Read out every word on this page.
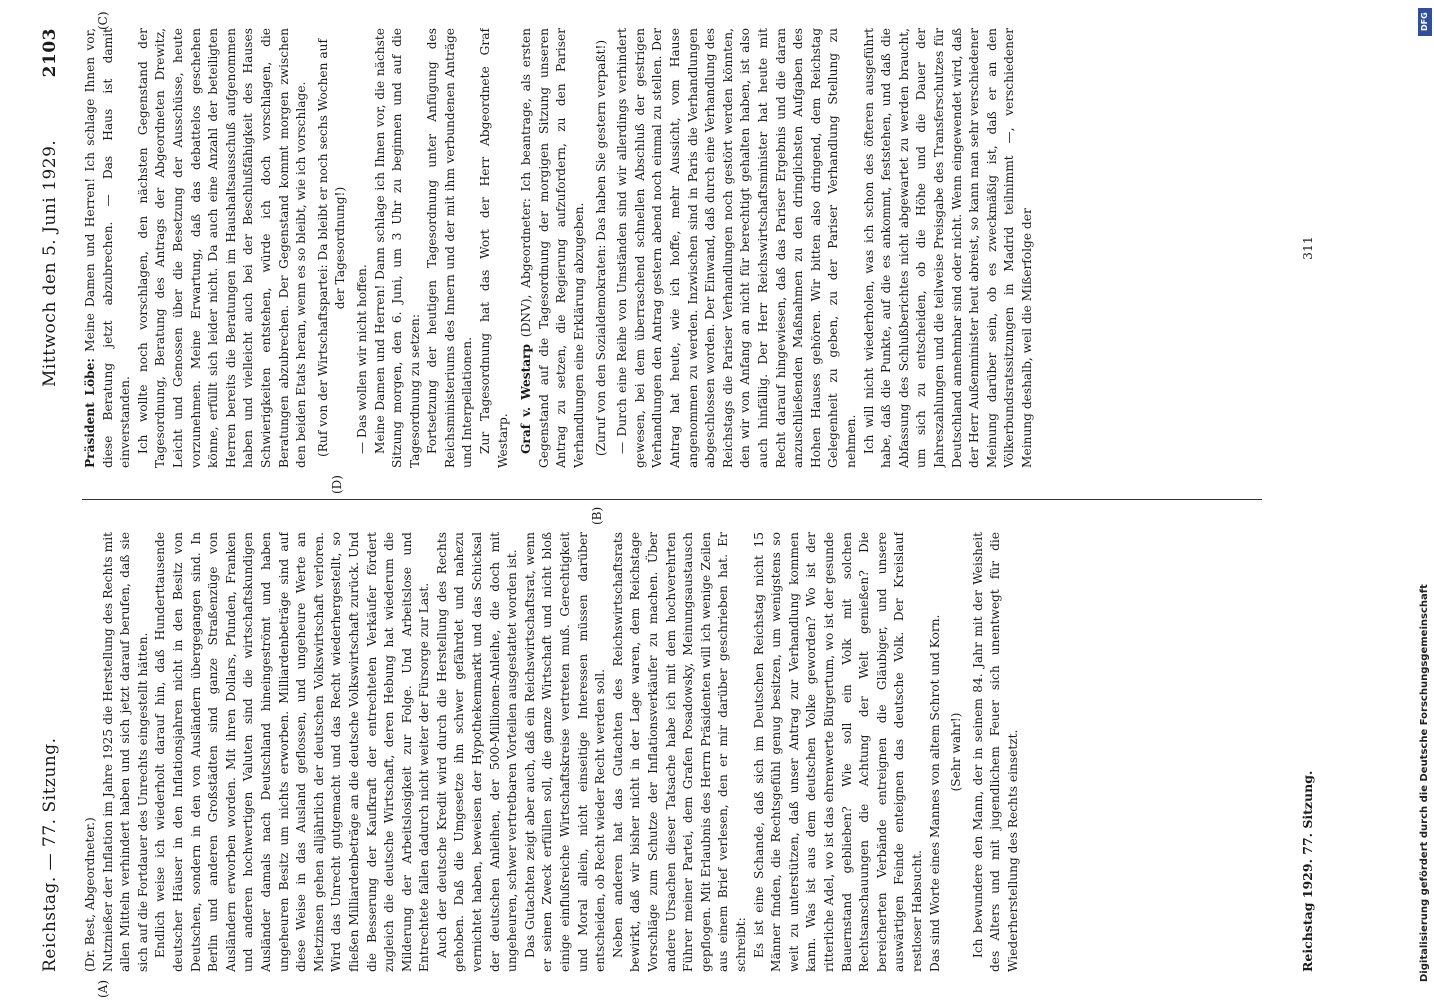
Reichstag. — 77. Sitzung.
Mittwoch den 5. Juni 1929.
2103
(A)
(B)
(C)
(D)

(Dr. Best, Abgeordneter.) Nutznießer der Inflation im Jahre 1925 die Herstellung des Rechts mit allen Mitteln verhindert haben und sich jetzt darauf berufen, daß sie sich auf die Fortdauer des Unrechts eingestellt hätten. Endlich weise ich wiederholt darauf hin, daß Hunderttausende deutscher Häuser in den Inflationsjahren nicht in den Besitz von Deutschen, sondern in den von Ausländern übergegangen sind. In Berlin und anderen Großstädten sind ganze Straßenzüge von Ausländern erworben worden. Mit ihren Dollars, Pfunden, Franken und anderen hochwertigen Valuten sind die wirtschaftskundigen Ausländer damals nach Deutschland hineingeströmt und haben ungeheuren Besitz um nichts erworben. Milliardenbeträge sind auf diese Weise in das Ausland geflossen, und ungeheure Werte an Mietzinsen gehen alljährlich der deutschen Volkswirtschaft verloren. Wird das Unrecht gutgemacht und das Recht wiederhergestellt, so fließen Milliardenbeträge an die deutsche Volkswirtschaft zurück. Und die Besserung der Kaufkraft der entrechteten Verkäufer fördert zugleich die deutsche Wirtschaft, deren Hebung hat wiederum die Milderung der Arbeitslosigkeit zur Folge. Und Arbeitslose und Entrechtete fallen dadurch nicht weiter der Fürsorge zur Last. Auch der deutsche Kredit wird durch die Herstellung des Rechts gehoben. Daß die Umgesetze ihn schwer gefährdet und nahezu vernichtet haben, beweisen der Hypothekenmarkt und das Schicksal der deutschen Anleihen, der 500-Millionen-Anleihe, die doch mit ungeheuren, schwer vertretbaren Vorteilen ausgestattet worden ist. Das Gutachten zeigt aber auch, daß ein Reichswirtschaftsrat, wenn er seinen Zweck erfüllen soll, die ganze Wirtschaft und nicht bloß einige einflußreiche Wirtschaftskreise vertreten muß. Gerechtigkeit und Moral allein, nicht einseitige Interessen müssen darüber entscheiden, ob Recht wieder Recht werden soll. Neben anderen hat das Gutachten des Reichswirtschaftsrats bewirkt, daß wir bisher nicht in der Lage waren, dem Reichstage Vorschläge zum Schutze der Inflationsverkäufer zu machen. Über andere Ursachen dieser Tatsache habe ich mit dem hochverehrten Führer meiner Partei, dem Grafen Posadowsky, Meinungsaustausch gepflogen. Mit Erlaubnis des Herrn Präsidenten will ich wenige Zeilen aus einem Brief verlesen, den er mir darüber geschrieben hat. Er schreibt: Es ist eine Schande, daß sich im Deutschen Reichstag nicht 15 Männer finden, die Rechtsgefühl genug besitzen, um wenigstens so weit zu unterstützen, daß unser Antrag zur Verhandlung kommen kann. Was ist aus dem deutschen Volke geworden? Wo ist der ritterliche Adel, wo ist das ehrenwerte Bürgertum, wo ist der gesunde Bauernstand geblieben? Wie soll ein Volk mit solchen Rechtsanschauungen die Achtung der Welt genießen? Die bereicherten Verbände entreignen die Gläubiger, und unsere auswärtigen Feinde enteignen das deutsche Volk. Der Kreislauf restloser Habsucht. Das sind Worte eines Mannes von altem Schrot und Korn. (Sehr wahr!) Ich bewundere den Mann, der in seinem 84. Jahr mit der Weisheit des Alters und mit jugendlichem Feuer sich unentwegt für die Wiederherstellung des Rechts einsetzt.

Präsident Löbe: Meine Damen und Herren! Ich schlage Ihnen vor, diese Beratung jetzt abzubrechen. — Das Haus ist damit einverstanden. Ich wollte noch vorschlagen, den nächsten Gegenstand der Tagesordnung, Beratung des Antrags der Abgeordneten Drewitz, Leicht und Genossen über die Besetzung der Ausschüsse, heute vorzunehmen. Meine Erwartung, daß das debattelos geschehen könne, erfüllt sich leider nicht. Da auch eine Anzahl der beteiligten Herren bereits die Beratungen im Haushaltsausschuß aufgenommen haben und vielleicht auch bei der Beschlußfähigkeit des Hauses Schwierigkeiten entstehen, würde ich doch vorschlagen, die Beratungen abzubrechen. Der Gegenstand kommt morgen zwischen den beiden Etats heran, wenn es so bleibt, wie ich vorschlage. (Ruf von der Wirtschaftspartei: Da bleibt er noch sechs Wochen auf der Tagesordnung!)

— Das wollen wir nicht hoffen. Meine Damen und Herren! Dann schlage ich Ihnen vor, die nächste Sitzung morgen, den 6. Juni, um 3 Uhr zu beginnen und auf die Tagesordnung zu setzen: Fortsetzung der heutigen Tagesordnung unter Anfügung des Reichsministeriums des Innern und der mit ihm verbundenen Anträge und Interpellationen. Zur Tagesordnung hat das Wort der Herr Abgeordnete Graf Westarp. Graf v. Westarp (DNV), Abgeordneter: Ich beantrage, als ersten Gegenstand auf die Tagesordnung der morgigen Sitzung unseren Antrag zu setzen, die Regierung aufzufordern, zu den Pariser Verhandlungen eine Erklärung abzugeben. (Zuruf von den Sozialdemokraten: Das haben Sie gestern verpaßt!) — Durch eine Reihe von Umständen sind wir allerdings verhindert gewesen, bei dem überraschend schnellen Abschluß der gestrigen Verhandlungen den Antrag gestern abend noch einmal zu stellen. Der Antrag hat heute, wie ich hoffe, mehr Aussicht, vom Hause angenommen zu werden. Inzwischen sind in Paris die Verhandlungen abgeschlossen worden. Der Einwand, daß durch eine Verhandlung des Reichstags die Pariser Verhandlungen noch gestört werden könnten, den wir von Anfang an nicht für berechtigt gehalten haben, ist also auch hinfällig. Der Herr Reichswirtschaftsminister hat heute mit Recht darauf hingewiesen, daß das Pariser Ergebnis und die daran anzuschließenden Maßnahmen zu den dringlichsten Aufgaben des Hohen Hauses gehören. Wir bitten also dringend, dem Reichstag Gelegenheit zu geben, zu der Pariser Verhandlung Stellung zu nehmen. Ich will nicht wiederholen, was ich schon des öfteren ausgeführt habe, daß die Punkte, auf die es ankommt, feststehen, und daß die Abfassung des Schlußberichtes nicht abgewartet zu werden braucht, um sich zu entscheiden, ob die Höhe und die Dauer der Jahreszahlungen und die teilweise Preisgabe des Transferschutzes für Deutschland annehmbar sind oder nicht. Wenn eingewendet wird, daß der Herr Außenminister heut abreist, so kann man sehr verschiedener Meinung darüber sein, ob es zweckmäßig ist, daß er an den Völkerbundsratssitzungen in Madrid teilnimmt —, verschiedener Meinung deshalb, weil die Mißerfolge der

Reichstag 1929. 77. Sitzung.
311
DFG
Digitalisierung gefördert durch die Deutsche Forschungsgemeinschaft
